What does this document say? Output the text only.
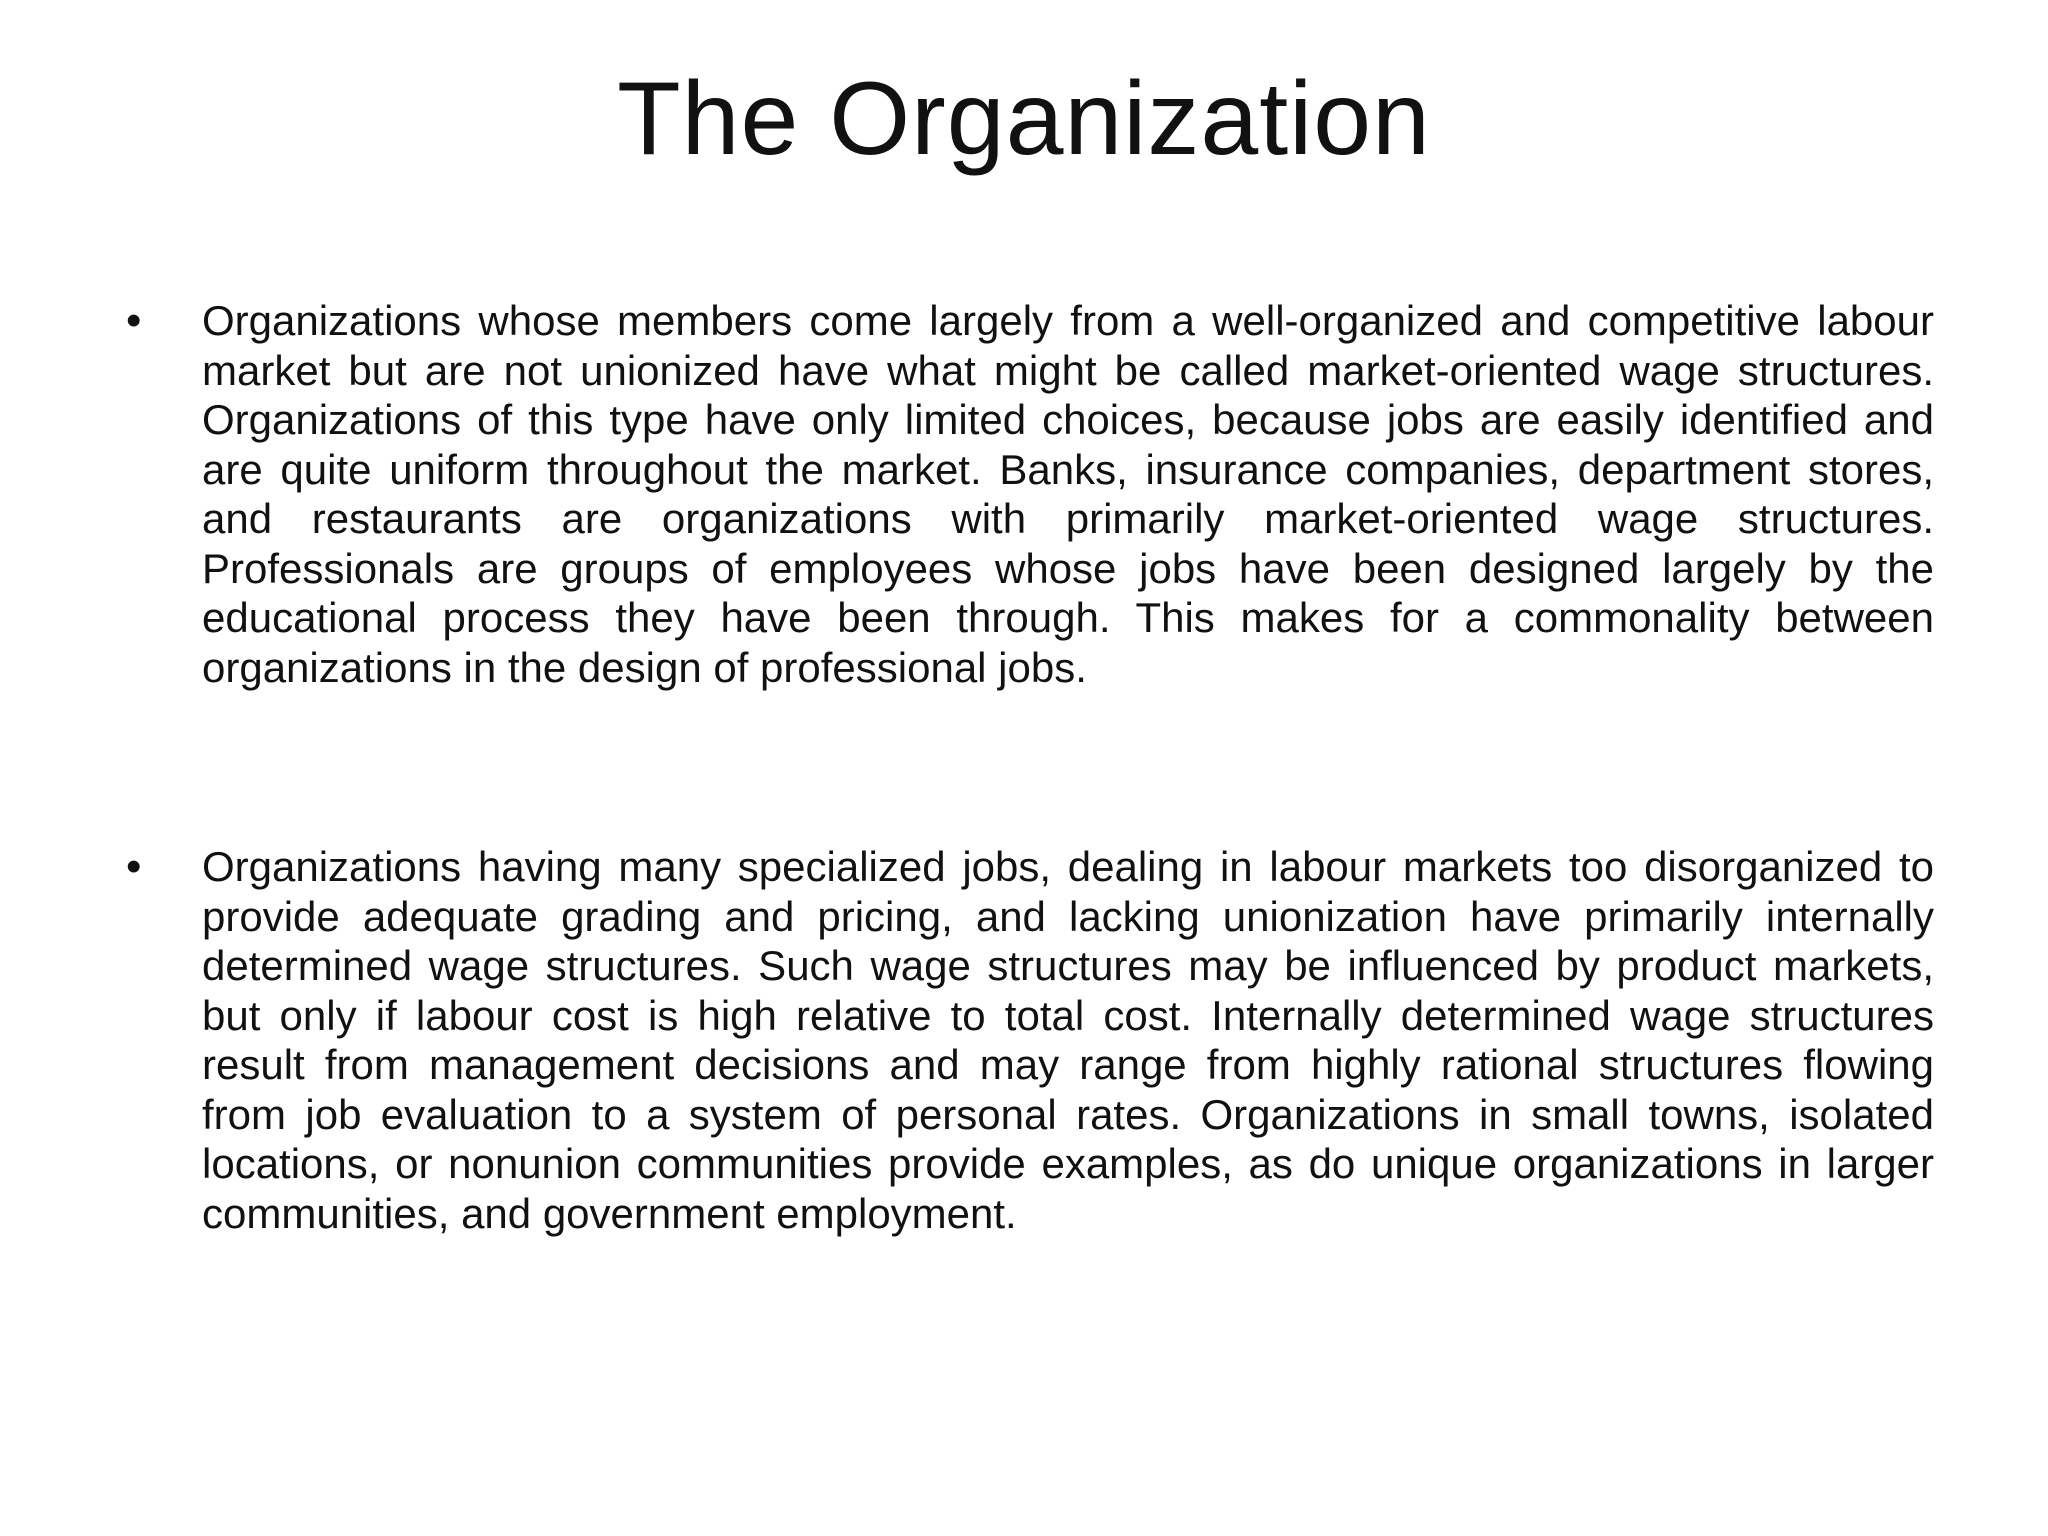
The Organization
•	Organizations whose members come largely from a well-organized and competitive labour market but are not unionized have what might be called market-oriented wage structures. Organizations of this type have only limited choices, because jobs are easily identified and are quite uniform throughout the market. Banks, insurance companies, department stores, and restaurants are organizations with primarily market-oriented wage structures. Professionals are groups of employees whose jobs have been designed largely by the educational process they have been through. This makes for a commonality between organizations in the design of professional jobs.

•	Organizations having many specialized jobs, dealing in labour markets too disorganized to provide adequate grading and pricing, and lacking unionization have primarily internally determined wage structures. Such wage structures may be influenced by product markets, but only if labour cost is high relative to total cost. Internally determined wage structures result from management decisions and may range from highly rational structures flowing from job evaluation to a system of personal rates. Organizations in small towns, isolated locations, or nonunion communities provide examples, as do unique organizations in larger communities, and government employment.
